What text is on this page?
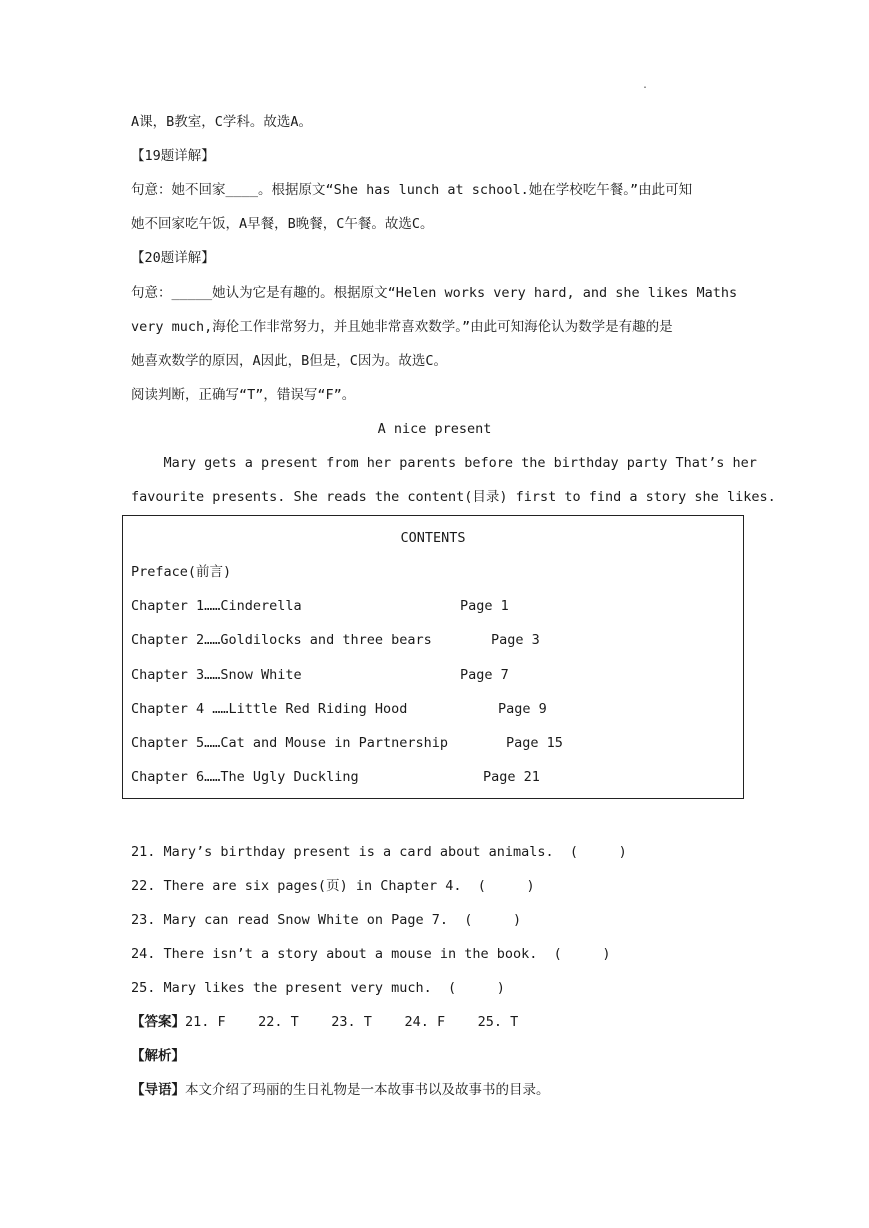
.
A课，B教室，C学科。故选A。
【19题详解】
句意：她不回家____。根据原文“She has lunch at school.她在学校吃午餐。”由此可知
她不回家吃午饭，A早餐，B晚餐，C午餐。故选C。
【20题详解】
句意：_____她认为它是有趣的。根据原文“Helen works very hard, and she likes Maths
very much,海伦工作非常努力，并且她非常喜欢数学。”由此可知海伦认为数学是有趣的是
她喜欢数学的原因，A因此，B但是，C因为。故选C。
阅读判断，正确写“T”，错误写“F”。
A nice present
Mary gets a present from her parents before the birthday party That’s her
favourite presents. She reads the content(目录) first to find a story she likes.
CONTENTS
Preface(前言)
Chapter 1……Cinderella	Page 1
Chapter 2……Goldilocks and three bears	Page 3
Chapter 3……Snow White	Page 7
Chapter 4 ……Little Red Riding Hood	Page 9
Chapter 5……Cat and Mouse in Partnership	Page 15
Chapter 6……The Ugly Duckling	Page 21
21. Mary’s birthday present is a card about animals.  (     )
22. There are six pages(页) in Chapter 4.  (     )
23. Mary can read Snow White on Page 7.  (     )
24. There isn’t a story about a mouse in the book.  (     )
25. Mary likes the present very much.  (     )
【答案】21. F    22. T    23. T    24. F    25. T
【解析】
【导语】本文介绍了玛丽的生日礼物是一本故事书以及故事书的目录。
